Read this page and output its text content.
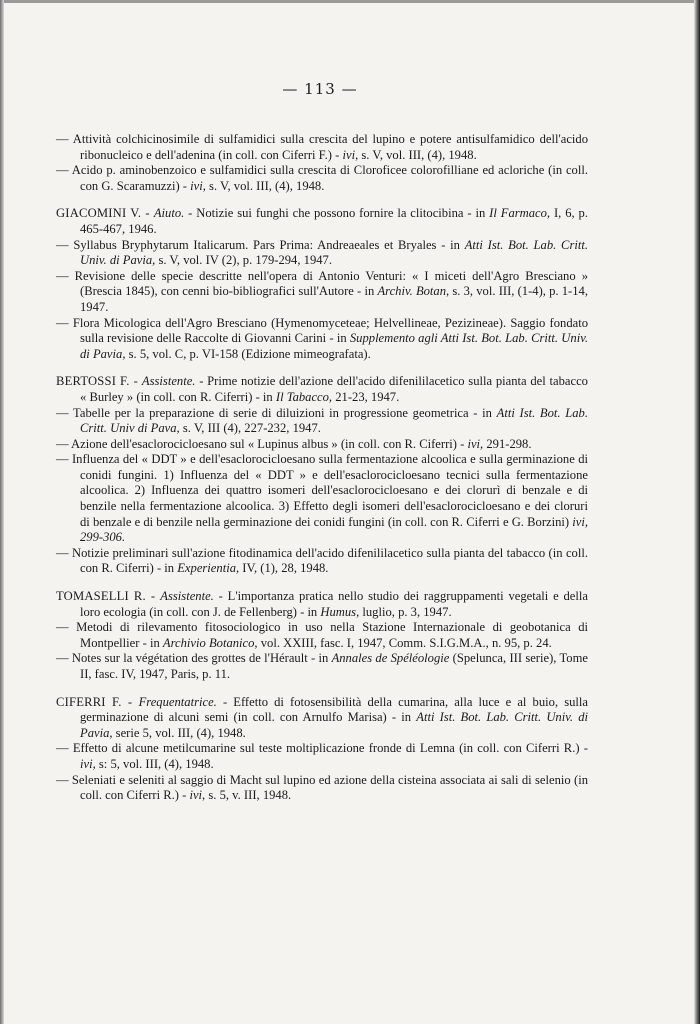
— 113 —

— Attività colchicinosimile di sulfamidici sulla crescita del lupino e potere antisulfamidico dell'acido ribonucleico e dell'adenina (in coll. con Ciferri F.) - ivi, s. V, vol. III, (4), 1948.

— Acido p. aminobenzoico e sulfamidici sulla crescita di Cloroficee colorofilliane ed acloriche (in coll. con G. Scaramuzzi) - ivi, s. V, vol. III, (4), 1948.

GIACOMINI V. - Aiuto. - Notizie sui funghi che possono fornire la clitocibina - in Il Farmaco, I, 6, p. 465-467, 1946.

— Syllabus Bryphytarum Italicarum. Pars Prima: Andreaeales et Bryales - in Atti Ist. Bot. Lab. Critt. Univ. di Pavia, s. V, vol. IV (2), p. 179-294, 1947.

— Revisione delle specie descritte nell'opera di Antonio Venturi: « I miceti dell'Agro Bresciano » (Brescia 1845), con cenni bio-bibliografici sull'Autore - in Archiv. Botan, s. 3, vol. III, (1-4), p. 1-14, 1947.

— Flora Micologica dell'Agro Bresciano (Hymenomyceteae; Helvellineae, Pezizineae). Saggio fondato sulla revisione delle Raccolte di Giovanni Carini - in Supplemento agli Atti Ist. Bot. Lab. Critt. Univ. di Pavia, s. 5, vol. C, p. VI-158 (Edizione mimeografata).

BERTOSSI F. - Assistente. - Prime notizie dell'azione dell'acido difenililacetico sulla pianta del tabacco « Burley » (in coll. con R. Ciferri) - in Il Tabacco, 21-23, 1947.

— Tabelle per la preparazione di serie di diluizioni in progressione geometrica - in Atti Ist. Bot. Lab. Critt. Univ di Pava, s. V, III (4), 227-232, 1947.

— Azione dell'esaclorocicloesano sul « Lupinus albus » (in coll. con R. Ciferri) - ivi, 291-298.

— Influenza del « DDT » e dell'esaclorocicloesano sulla fermentazione alcoolica e sulla germinazione di conidi fungini. 1) Influenza del « DDT » e dell'esaclorocicloesano tecnici sulla fermentazione alcoolica. 2) Influenza dei quattro isomeri dell'esaclorocicloesano e dei clorurì di benzale e di benzile nella fermentazione alcoolica. 3) Effetto degli isomeri dell'esaclorocicloesano e dei cloruri di benzale e di benzile nella germinazione dei conidi fungini (in coll. con R. Ciferri e G. Borzini) ivi, 299-306.

— Notizie preliminari sull'azione fitodinamica dell'acido difenililacetico sulla pianta del tabacco (in coll. con R. Ciferri) - in Experientia, IV, (1), 28, 1948.

TOMASELLI R. - Assistente. - L'importanza pratica nello studio dei raggruppamenti vegetali e della loro ecologia (in coll. con J. de Fellenberg) - in Humus, luglio, p. 3, 1947.

— Metodi di rilevamento fitosociologico in uso nella Stazione Internazionale di geobotanica di Montpellier - in Archivio Botanico, vol. XXIII, fasc. I, 1947, Comm. S.I.G.M.A., n. 95, p. 24.

— Notes sur la végétation des grottes de l'Hérault - in Annales de Spéléologie (Spelunca, III serie), Tome II, fasc. IV, 1947, Paris, p. 11.

CIFERRI F. - Frequentatrice. - Effetto di fotosensibilità della cumarina, alla luce e al buio, sulla germinazione di alcuni semi (in coll. con Arnulfo Marisa) - in Atti Ist. Bot. Lab. Critt. Univ. di Pavia, serie 5, vol. III, (4), 1948.

— Effetto di alcune metilcumarine sul teste moltiplicazione fronde di Lemna (in coll. con Ciferri R.) - ivi, s: 5, vol. III, (4), 1948.

— Seleniati e seleniti al saggio di Macht sul lupino ed azione della cisteina associata ai sali di selenio (in coll. con Ciferri R.) - ivi, s. 5, v. III, 1948.
